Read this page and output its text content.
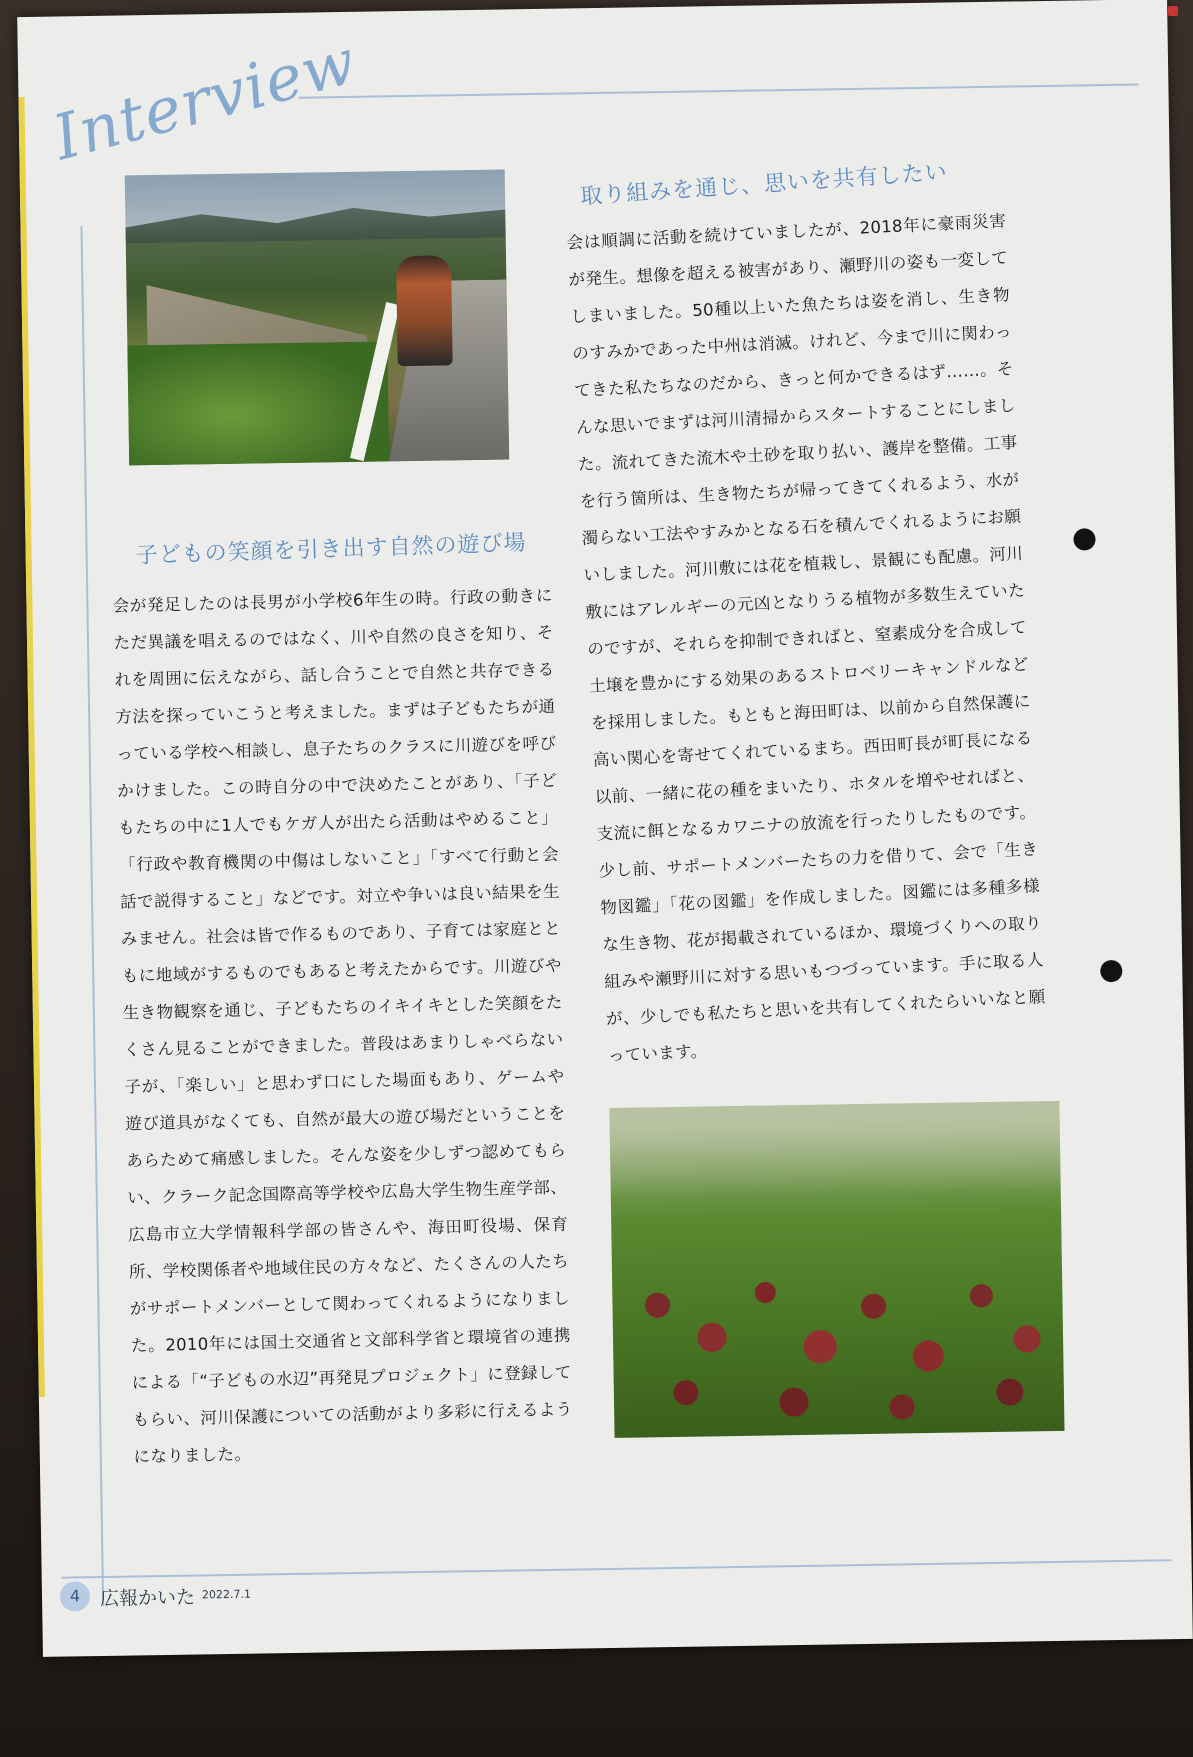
Interview
子どもの笑顔を引き出す自然の遊び場
会が発足したのは長男が小学校6年生の時。行政の動きにただ異議を唱えるのではなく、川や自然の良さを知り、それを周囲に伝えながら、話し合うことで自然と共存できる方法を探っていこうと考えました。まずは子どもたちが通っている学校へ相談し、息子たちのクラスに川遊びを呼びかけました。この時自分の中で決めたことがあり、「子どもたちの中に1人でもケガ人が出たら活動はやめること」「行政や教育機関の中傷はしないこと」「すべて行動と会話で説得すること」などです。対立や争いは良い結果を生みません。社会は皆で作るものであり、子育ては家庭とともに地域がするものでもあると考えたからです。川遊びや生き物観察を通じ、子どもたちのイキイキとした笑顔をたくさん見ることができました。普段はあまりしゃべらない子が、「楽しい」と思わず口にした場面もあり、ゲームや遊び道具がなくても、自然が最大の遊び場だということをあらためて痛感しました。そんな姿を少しずつ認めてもらい、クラーク記念国際高等学校や広島大学生物生産学部、広島市立大学情報科学部の皆さんや、海田町役場、保育所、学校関係者や地域住民の方々など、たくさんの人たちがサポートメンバーとして関わってくれるようになりました。2010年には国土交通省と文部科学省と環境省の連携による「“子どもの水辺”再発見プロジェクト」に登録してもらい、河川保護についての活動がより多彩に行えるようになりました。
取り組みを通じ、思いを共有したい
会は順調に活動を続けていましたが、2018年に豪雨災害が発生。想像を超える被害があり、瀬野川の姿も一変してしまいました。50種以上いた魚たちは姿を消し、生き物のすみかであった中州は消滅。けれど、今まで川に関わってきた私たちなのだから、きっと何かできるはず……。そんな思いでまずは河川清掃からスタートすることにしました。流れてきた流木や土砂を取り払い、護岸を整備。工事を行う箇所は、生き物たちが帰ってきてくれるよう、水が濁らない工法やすみかとなる石を積んでくれるようにお願いしました。河川敷には花を植栽し、景観にも配慮。河川敷にはアレルギーの元凶となりうる植物が多数生えていたのですが、それらを抑制できればと、窒素成分を合成して土壌を豊かにする効果のあるストロベリーキャンドルなどを採用しました。もともと海田町は、以前から自然保護に高い関心を寄せてくれているまち。西田町長が町長になる以前、一緒に花の種をまいたり、ホタルを増やせればと、支流に餌となるカワニナの放流を行ったりしたものです。少し前、サポートメンバーたちの力を借りて、会で「生き物図鑑」「花の図鑑」を作成しました。図鑑には多種多様な生き物、花が掲載されているほか、環境づくりへの取り組みや瀬野川に対する思いもつづっています。手に取る人が、少しでも私たちと思いを共有してくれたらいいなと願っています。
4	広報かいた 2022.7.1
